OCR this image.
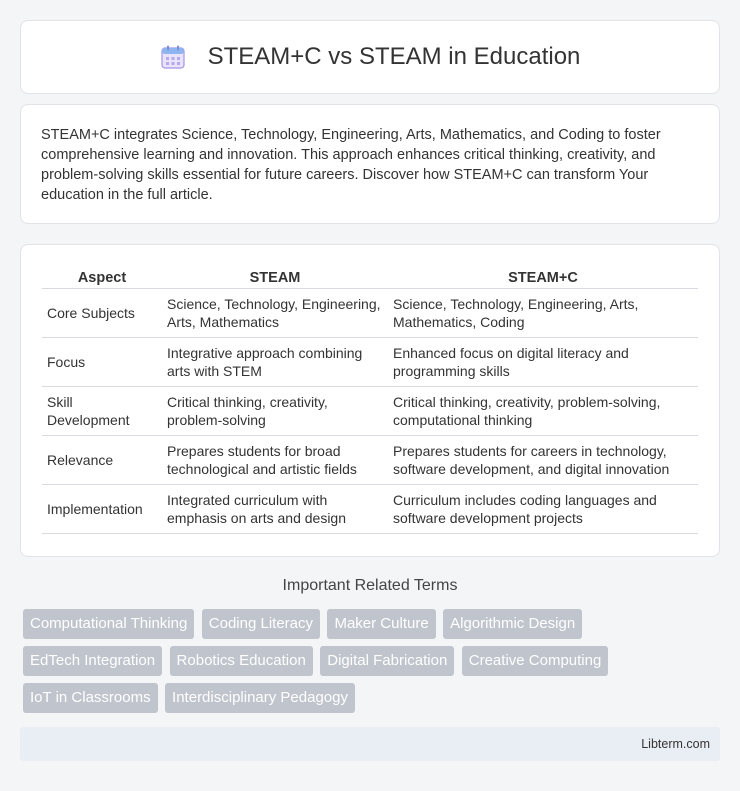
STEAM+C vs STEAM in Education

STEAM+C integrates Science, Technology, Engineering, Arts, Mathematics, and Coding to foster comprehensive learning and innovation. This approach enhances critical thinking, creativity, and problem-solving skills essential for future careers. Discover how STEAM+C can transform Your education in the full article.

Aspect	STEAM	STEAM+C
Core Subjects	Science, Technology, Engineering, Arts, Mathematics	Science, Technology, Engineering, Arts, Mathematics, Coding
Focus	Integrative approach combining arts with STEM	Enhanced focus on digital literacy and programming skills
Skill Development	Critical thinking, creativity, problem-solving	Critical thinking, creativity, problem-solving, computational thinking
Relevance	Prepares students for broad technological and artistic fields	Prepares students for careers in technology, software development, and digital innovation
Implementation	Integrated curriculum with emphasis on arts and design	Curriculum includes coding languages and software development projects
Important Related Terms
Computational Thinking Coding Literacy Maker Culture Algorithmic Design EdTech Integration Robotics Education Digital Fabrication Creative Computing IoT in Classrooms Interdisciplinary Pedagogy
Libterm.com
